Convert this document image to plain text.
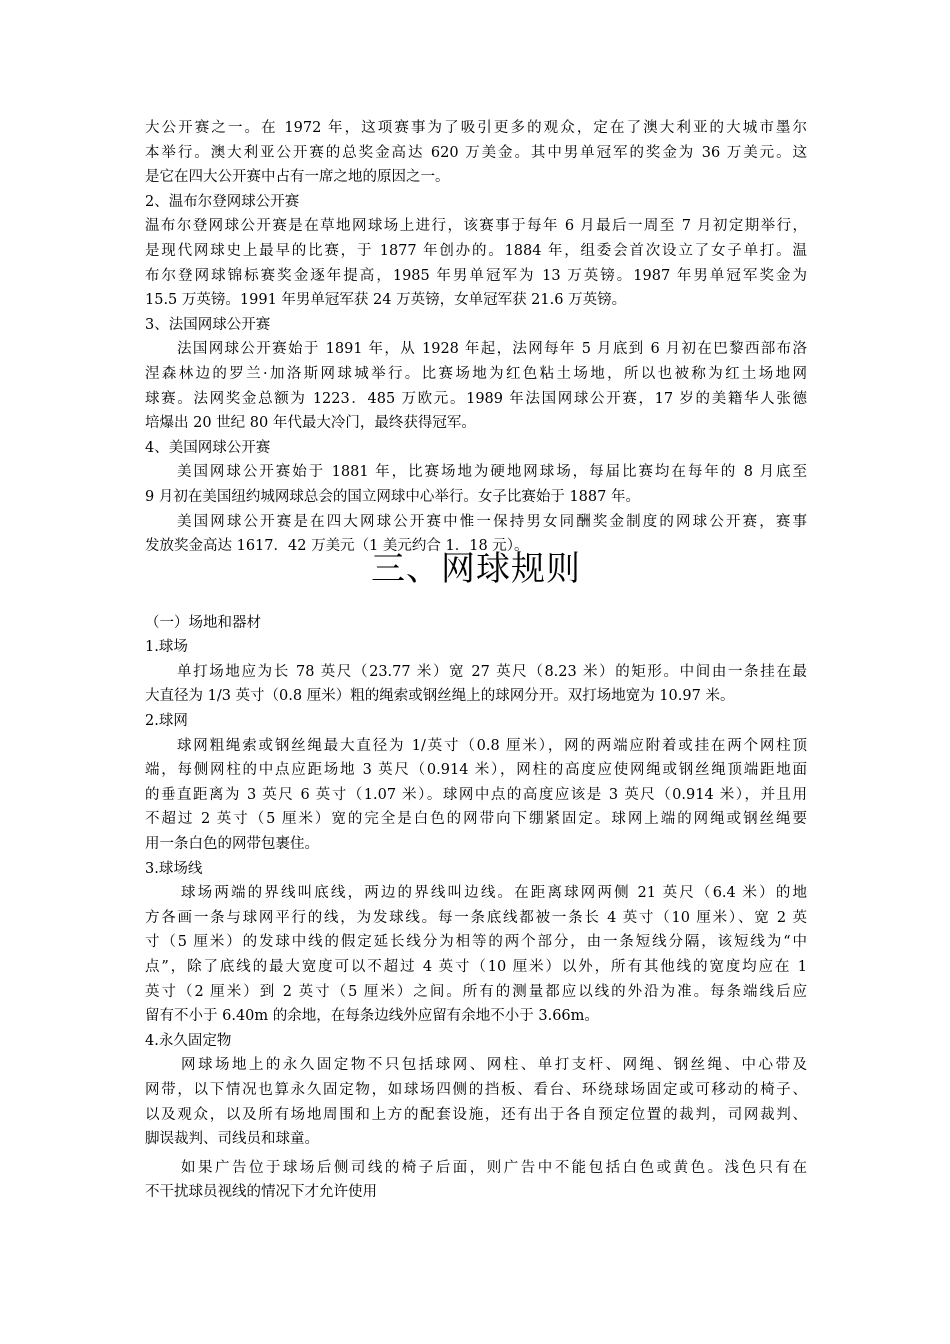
大公开赛之一。在 1972 年，这项赛事为了吸引更多的观众，定在了澳大利亚的大城市墨尔
本举行。澳大利亚公开赛的总奖金高达 620 万美金。其中男单冠军的奖金为 36 万美元。这
是它在四大公开赛中占有一席之地的原因之一。
2、温布尔登网球公开赛
温布尔登网球公开赛是在草地网球场上进行，该赛事于每年 6 月最后一周至 7 月初定期举行，
是现代网球史上最早的比赛，于 1877 年创办的。1884 年，组委会首次设立了女子单打。温
布尔登网球锦标赛奖金逐年提高，1985 年男单冠军为 13 万英镑。1987 年男单冠军奖金为
15.5 万英镑。1991 年男单冠军获 24 万英镑，女单冠军获 21.6 万英镑。
3、法国网球公开赛
法国网球公开赛始于 1891 年，从 1928 年起，法网每年 5 月底到 6 月初在巴黎西部布洛
涅森林边的罗兰·加洛斯网球城举行。比赛场地为红色粘土场地，所以也被称为红土场地网
球赛。法网奖金总额为 1223．485 万欧元。1989 年法国网球公开赛，17 岁的美籍华人张德
培爆出 20 世纪 80 年代最大冷门，最终获得冠军。
4、美国网球公开赛
美国网球公开赛始于 1881 年，比赛场地为硬地网球场，每届比赛均在每年的 8 月底至
9 月初在美国纽约城网球总会的国立网球中心举行。女子比赛始于 1887 年。
美国网球公开赛是在四大网球公开赛中惟一保持男女同酬奖金制度的网球公开赛，赛事
发放奖金高达 1617．42 万美元（1 美元约合 1．18 元）。
三、网球规则
（一）场地和器材
1.球场
单打场地应为长 78 英尺（23.77 米）宽 27 英尺（8.23 米）的矩形。中间由一条挂在最
大直径为 1/3 英寸（0.8 厘米）粗的绳索或钢丝绳上的球网分开。双打场地宽为 10.97 米。
2.球网
球网粗绳索或钢丝绳最大直径为 1/英寸（0.8 厘米），网的两端应附着或挂在两个网柱顶
端，每侧网柱的中点应距场地 3 英尺（0.914 米），网柱的高度应使网绳或钢丝绳顶端距地面
的垂直距离为 3 英尺 6 英寸（1.07 米）。球网中点的高度应该是 3 英尺（0.914 米），并且用
不超过 2 英寸（5 厘米）宽的完全是白色的网带向下绷紧固定。球网上端的网绳或钢丝绳要
用一条白色的网带包裹住。
3.球场线
球场两端的界线叫底线，两边的界线叫边线。在距离球网两侧 21 英尺（6.4 米）的地
方各画一条与球网平行的线，为发球线。每一条底线都被一条长 4 英寸（10 厘米）、宽 2 英
寸（5 厘米）的发球中线的假定延长线分为相等的两个部分，由一条短线分隔，该短线为“中
点”，除了底线的最大宽度可以不超过 4 英寸（10 厘米）以外，所有其他线的宽度均应在 1
英寸（2 厘米）到 2 英寸（5 厘米）之间。所有的测量都应以线的外沿为准。每条端线后应
留有不小于 6.40m 的余地，在每条边线外应留有余地不小于 3.66m。
4.永久固定物
网球场地上的永久固定物不只包括球网、网柱、单打支杆、网绳、钢丝绳、中心带及
网带，以下情况也算永久固定物，如球场四侧的挡板、看台、环绕球场固定或可移动的椅子、
以及观众，以及所有场地周围和上方的配套设施，还有出于各自预定位置的裁判，司网裁判、
脚误裁判、司线员和球童。
如果广告位于球场后侧司线的椅子后面，则广告中不能包括白色或黄色。浅色只有在
不干扰球员视线的情况下才允许使用
